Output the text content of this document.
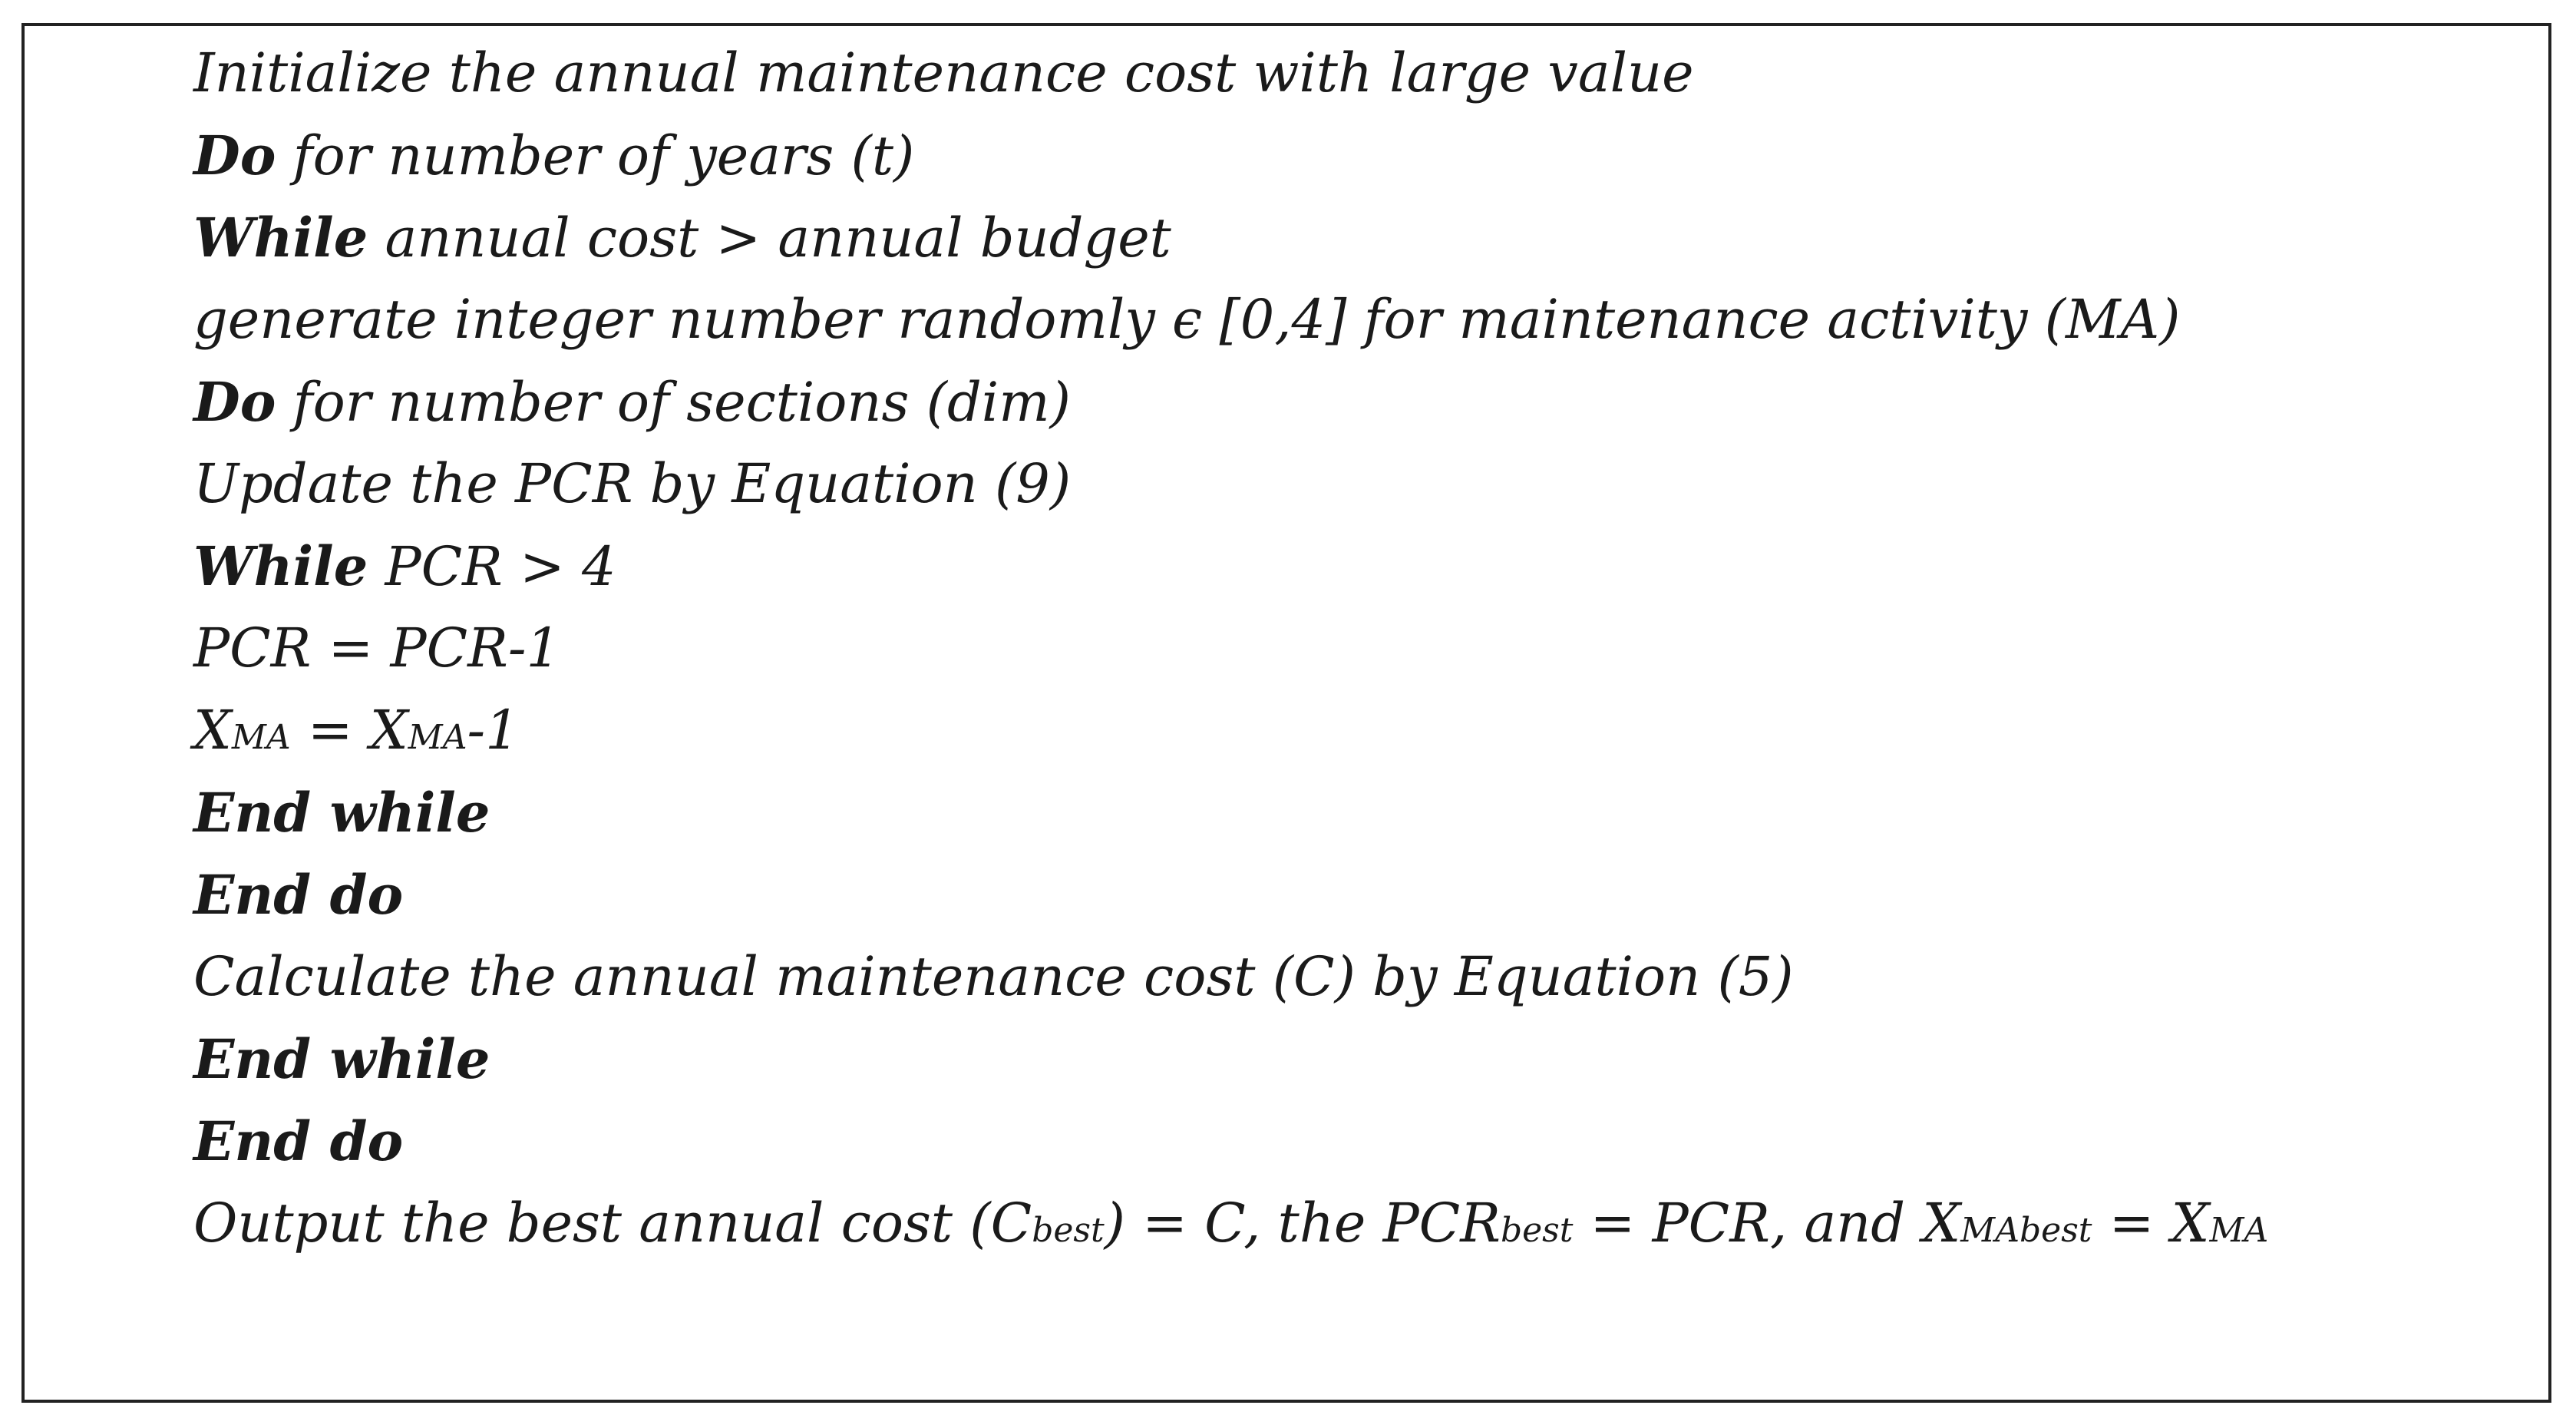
Initialize the annual maintenance cost with large value
Do for number of years (t)
While annual cost > annual budget
generate integer number randomly ϵ [0,4] for maintenance activity (MA)
Do for number of sections (dim)
Update the PCR by Equation (9)
While PCR > 4
PCR = PCR-1
XMA = XMA-1
End while
End do
Calculate the annual maintenance cost (C) by Equation (5)
End while
End do
Output the best annual cost (Cbest) = C, the PCRbest = PCR, and XMAbest = XMA
